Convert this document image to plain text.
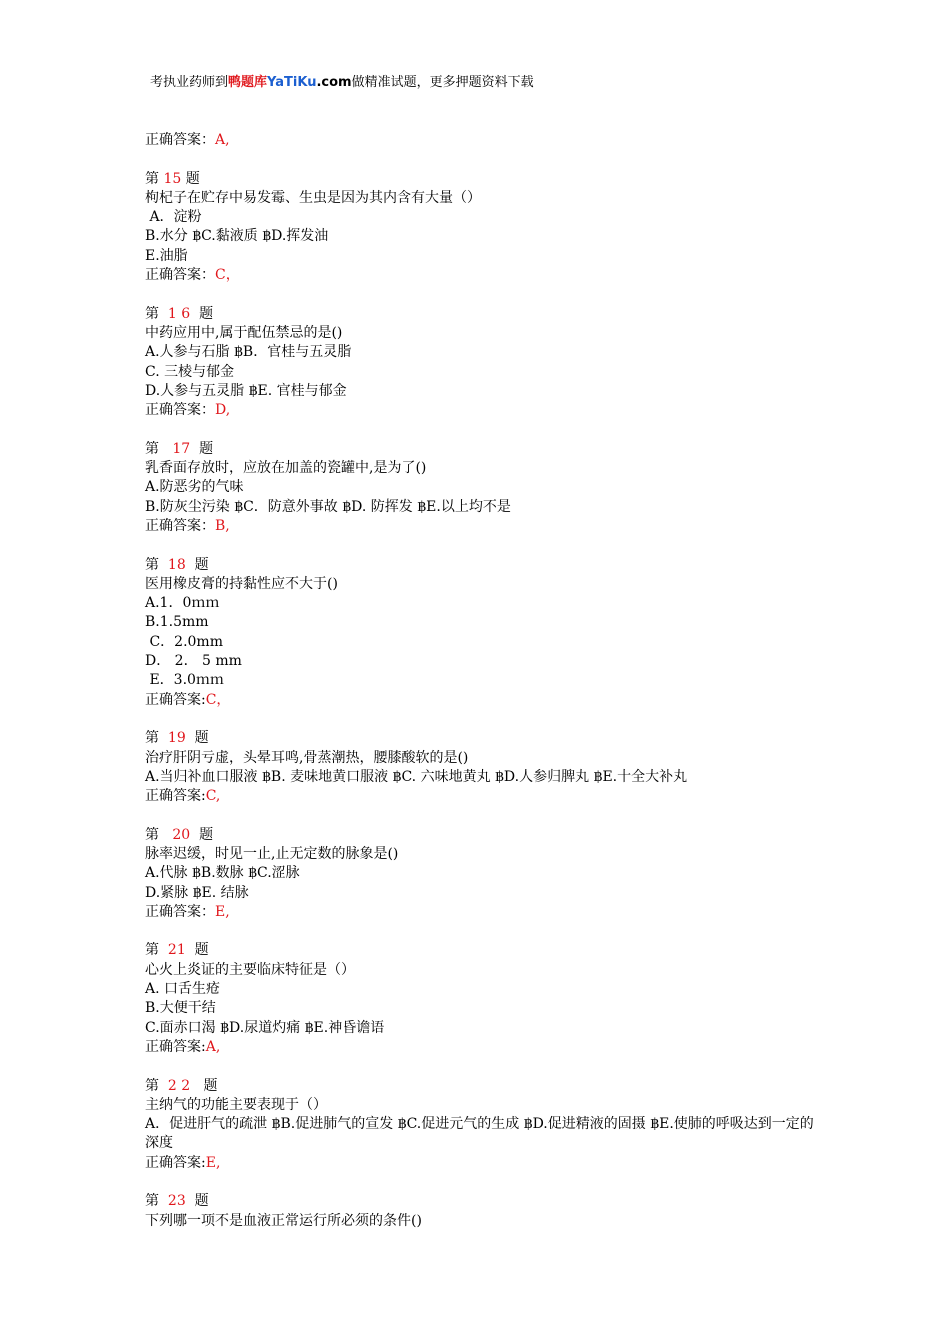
考执业药师到鸭题库YaTiKu.com做精准试题，更多押题资料下载
正确答案：A,
第 15 题
枸杞子在贮存中易发霉、生虫是因为其内含有大量（）
A．淀粉
B.水分 ฿C.黏液质 ฿D.挥发油
E.油脂
正确答案：C，
第  1 6  题
中药应用中,属于配伍禁忌的是()
A.人参与石脂 ฿B．官桂与五灵脂
C. 三棱与郁金
D.人参与五灵脂 ฿E. 官桂与郁金
正确答案：D,
第   17  题
乳香面存放时，应放在加盖的瓷罐中,是为了()
A.防恶劣的气味
B.防灰尘污染 ฿C．防意外事故 ฿D. 防挥发 ฿E.以上均不是
正确答案：B,
第  18  题
医用橡皮膏的持黏性应不大于()
A.1．0ｍｍ
B.1.5mm
C．2.0mm
D． 2． 5 mm
E．3.0ｍｍ
正确答案:C，
第  19  题
治疗肝阴亏虚，头晕耳鸣,骨蒸潮热，腰膝酸软的是()
A.当归补血口服液 ฿B. 麦味地黄口服液 ฿C. 六味地黄丸 ฿D.人参归脾丸 ฿E.十全大补丸
正确答案:C,
第   20  题
脉率迟缓，时见一止,止无定数的脉象是()
A.代脉 ฿B.数脉 ฿C.涩脉
D.紧脉 ฿E. 结脉
正确答案：E,
第  21  题
心火上炎证的主要临床特征是（）
A. 口舌生疮
B.大便干结
C.面赤口渴 ฿D.尿道灼痛 ฿E.神昏谵语
正确答案:A,
第  2 2   题
主纳气的功能主要表现于（）
A．促进肝气的疏泄 ฿B.促进肺气的宣发 ฿C.促进元气的生成 ฿D.促进精液的固摄 ฿E.使肺的呼吸达到一定的深度
正确答案:E,
第  23  题
下列哪一项不是血液正常运行所必须的条件()
